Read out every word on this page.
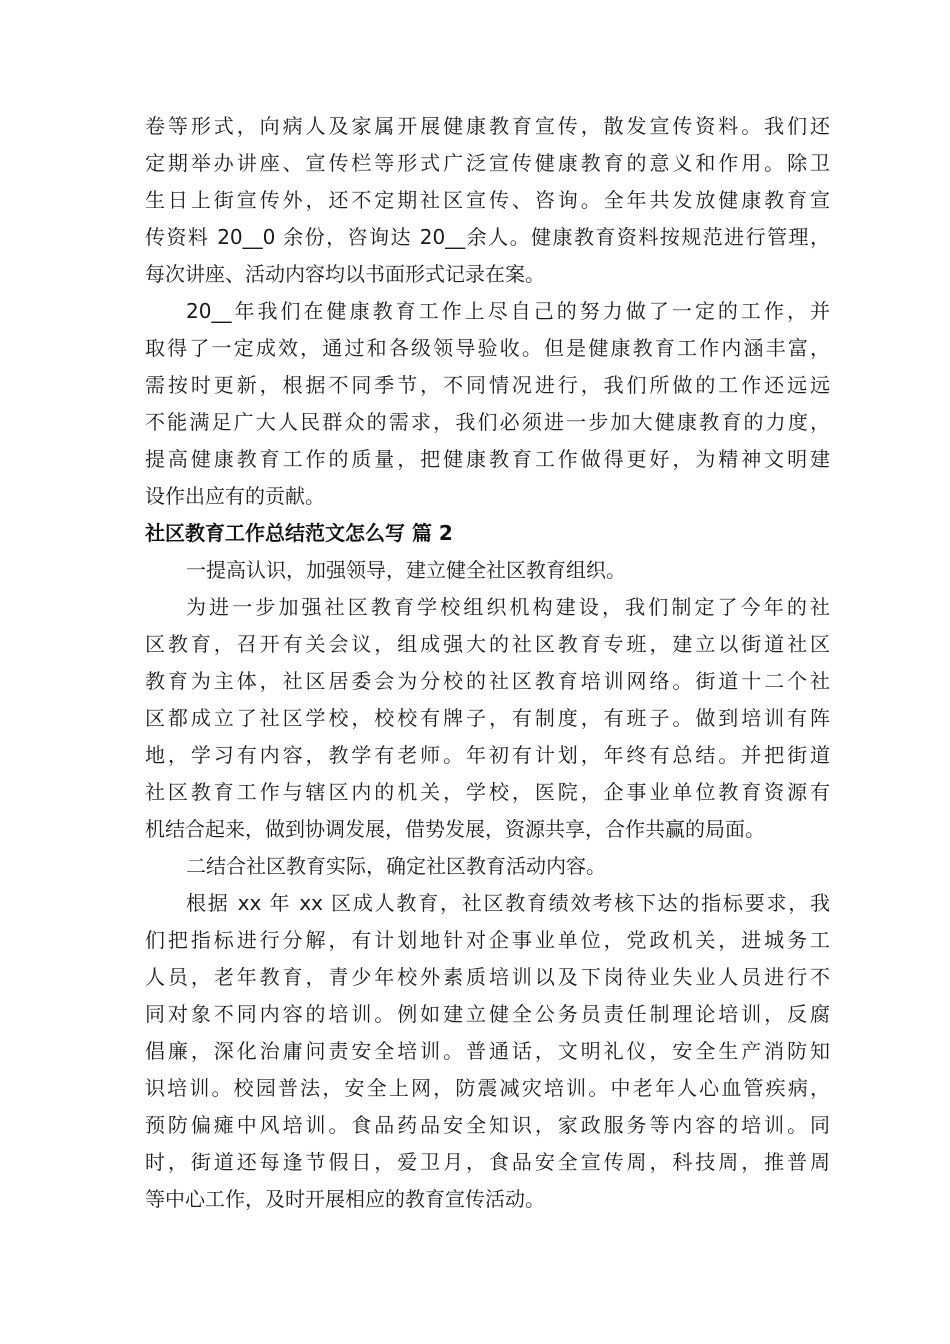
卷等形式，向病人及家属开展健康教育宣传，散发宣传资料。我们还
定期举办讲座、宣传栏等形式广泛宣传健康教育的意义和作用。除卫
生日上街宣传外，还不定期社区宣传、咨询。全年共发放健康教育宣
传资料 20__0 余份，咨询达 20__余人。健康教育资料按规范进行管理，
每次讲座、活动内容均以书面形式记录在案。
20__年我们在健康教育工作上尽自己的努力做了一定的工作，并
取得了一定成效，通过和各级领导验收。但是健康教育工作内涵丰富，
需按时更新，根据不同季节，不同情况进行，我们所做的工作还远远
不能满足广大人民群众的需求，我们必须进一步加大健康教育的力度，
提高健康教育工作的质量，把健康教育工作做得更好，为精神文明建
设作出应有的贡献。
社区教育工作总结范文怎么写 篇 2
一提高认识，加强领导，建立健全社区教育组织。
为进一步加强社区教育学校组织机构建设，我们制定了今年的社
区教育，召开有关会议，组成强大的社区教育专班，建立以街道社区
教育为主体，社区居委会为分校的社区教育培训网络。街道十二个社
区都成立了社区学校，校校有牌子，有制度，有班子。做到培训有阵
地，学习有内容，教学有老师。年初有计划，年终有总结。并把街道
社区教育工作与辖区内的机关，学校，医院，企事业单位教育资源有
机结合起来，做到协调发展，借势发展，资源共享，合作共赢的局面。
二结合社区教育实际，确定社区教育活动内容。
根据 xx 年 xx 区成人教育，社区教育绩效考核下达的指标要求，我
们把指标进行分解，有计划地针对企事业单位，党政机关，进城务工
人员，老年教育，青少年校外素质培训以及下岗待业失业人员进行不
同对象不同内容的培训。例如建立健全公务员责任制理论培训，反腐
倡廉，深化治庸问责安全培训。普通话，文明礼仪，安全生产消防知
识培训。校园普法，安全上网，防震减灾培训。中老年人心血管疾病，
预防偏瘫中风培训。食品药品安全知识，家政服务等内容的培训。同
时，街道还每逢节假日，爱卫月，食品安全宣传周，科技周，推普周
等中心工作，及时开展相应的教育宣传活动。
